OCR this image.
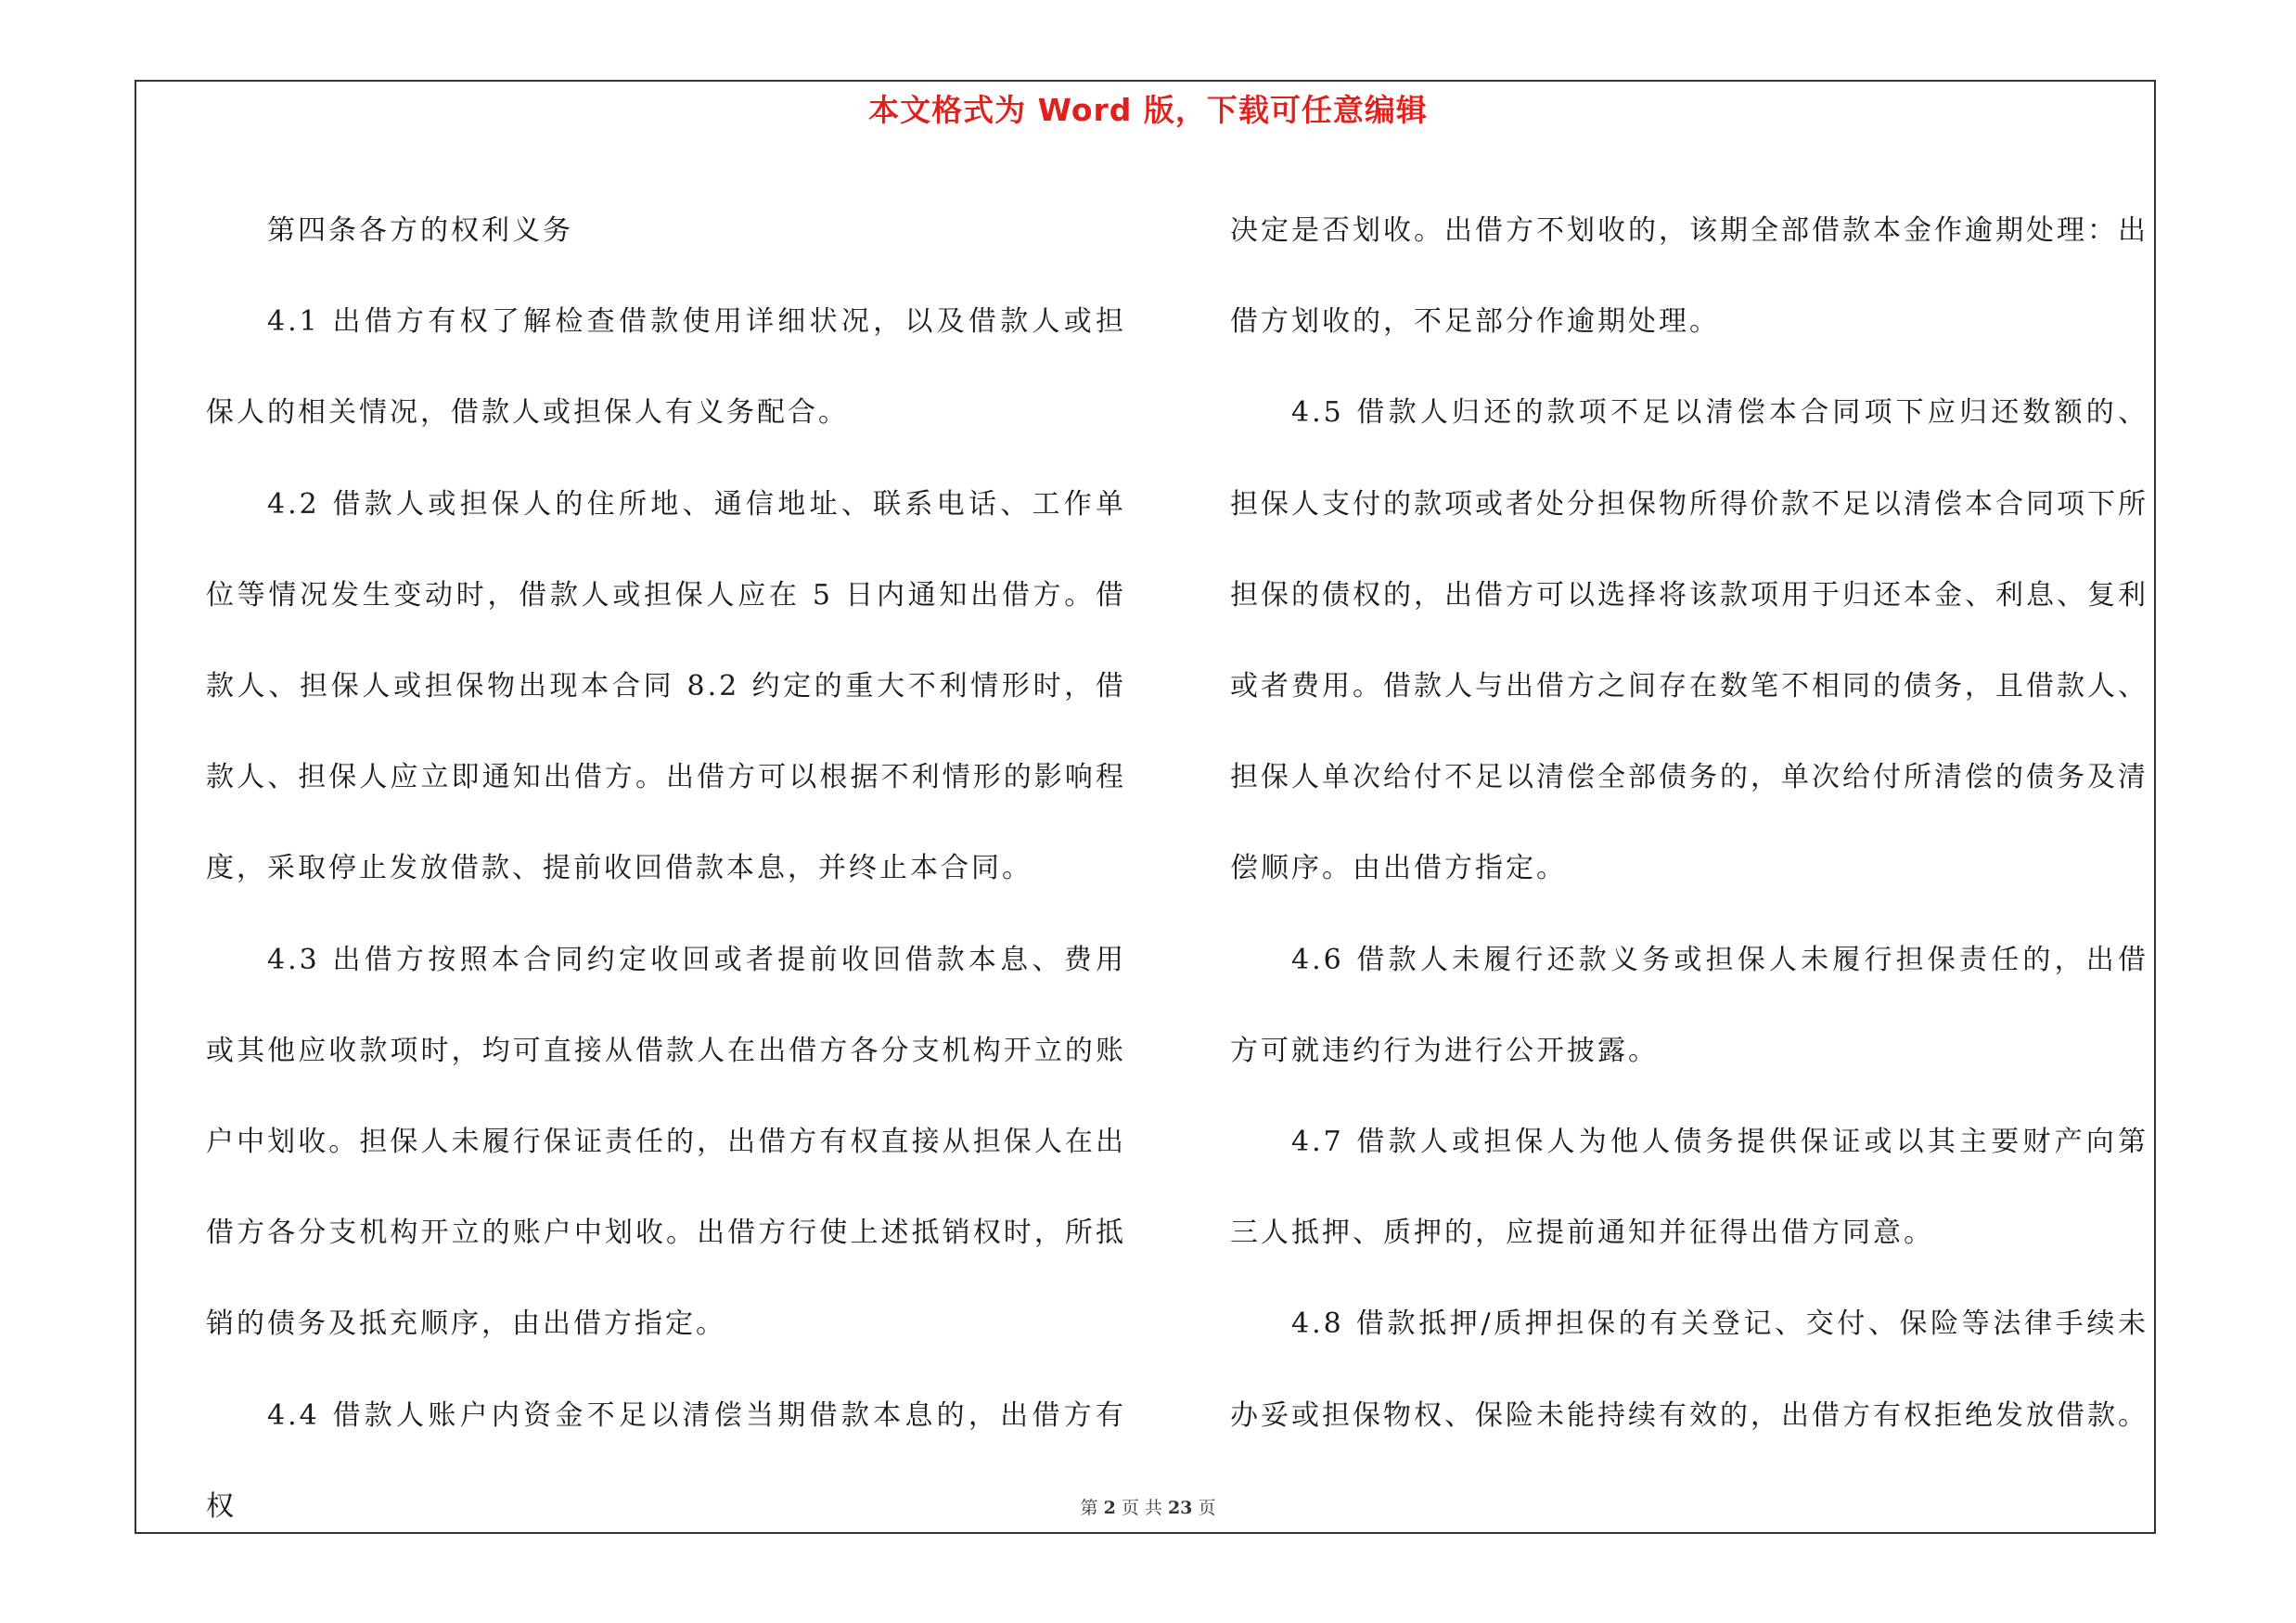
本文格式为 Word 版，下载可任意编辑

第四条各方的权利义务

4.1 出借方有权了解检查借款使用详细状况，以及借款人或担保人的相关情况，借款人或担保人有义务配合。

4.2 借款人或担保人的住所地、通信地址、联系电话、工作单位等情况发生变动时，借款人或担保人应在 5 日内通知出借方。借款人、担保人或担保物出现本合同 8.2 约定的重大不利情形时，借款人、担保人应立即通知出借方。出借方可以根据不利情形的影响程度，采取停止发放借款、提前收回借款本息，并终止本合同。

4.3 出借方按照本合同约定收回或者提前收回借款本息、费用或其他应收款项时，均可直接从借款人在出借方各分支机构开立的账户中划收。担保人未履行保证责任的，出借方有权直接从担保人在出借方各分支机构开立的账户中划收。出借方行使上述抵销权时，所抵销的债务及抵充顺序，由出借方指定。

4.4 借款人账户内资金不足以清偿当期借款本息的，出借方有权

决定是否划收。出借方不划收的，该期全部借款本金作逾期处理：出借方划收的，不足部分作逾期处理。

4.5 借款人归还的款项不足以清偿本合同项下应归还数额的、担保人支付的款项或者处分担保物所得价款不足以清偿本合同项下所担保的债权的，出借方可以选择将该款项用于归还本金、利息、复利或者费用。借款人与出借方之间存在数笔不相同的债务，且借款人、担保人单次给付不足以清偿全部债务的，单次给付所清偿的债务及清偿顺序。由出借方指定。

4.6 借款人未履行还款义务或担保人未履行担保责任的，出借方可就违约行为进行公开披露。

4.7 借款人或担保人为他人债务提供保证或以其主要财产向第三人抵押、质押的，应提前通知并征得出借方同意。

4.8 借款抵押/质押担保的有关登记、交付、保险等法律手续未办妥或担保物权、保险未能持续有效的，出借方有权拒绝发放借款。

第 2 页 共 23 页
